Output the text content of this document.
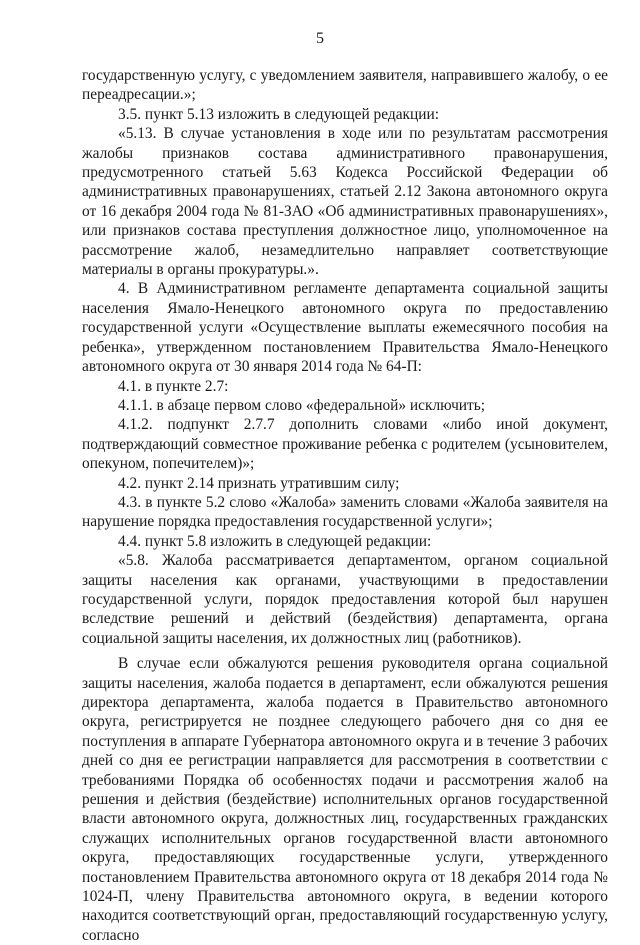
5

государственную услугу, с уведомлением заявителя, направившего жалобу, о ее переадресации.»;

3.5. пункт 5.13 изложить в следующей редакции:

«5.13. В случае установления в ходе или по результатам рассмотрения жалобы признаков состава административного правонарушения, предусмотренного статьей 5.63 Кодекса Российской Федерации об административных правонарушениях, статьей 2.12 Закона автономного округа от 16 декабря 2004 года № 81-ЗАО «Об административных правонарушениях», или признаков состава преступления должностное лицо, уполномоченное на рассмотрение жалоб, незамедлительно направляет соответствующие материалы в органы прокуратуры.».

4. В Административном регламенте департамента социальной защиты населения Ямало-Ненецкого автономного округа по предоставлению государственной услуги «Осуществление выплаты ежемесячного пособия на ребенка», утвержденном постановлением Правительства Ямало-Ненецкого автономного округа от 30 января 2014 года № 64-П:

4.1. в пункте 2.7:

4.1.1. в абзаце первом слово «федеральной» исключить;

4.1.2. подпункт 2.7.7 дополнить словами «либо иной документ, подтверждающий совместное проживание ребенка с родителем (усыновителем, опекуном, попечителем)»;

4.2. пункт 2.14 признать утратившим силу;

4.3. в пункте 5.2 слово «Жалоба» заменить словами «Жалоба заявителя на нарушение порядка предоставления государственной услуги»;

4.4. пункт 5.8 изложить в следующей редакции:

«5.8. Жалоба рассматривается департаментом, органом социальной защиты населения как органами, участвующими в предоставлении государственной услуги, порядок предоставления которой был нарушен вследствие решений и действий (бездействия) департамента, органа социальной защиты населения, их должностных лиц (работников).

В случае если обжалуются решения руководителя органа социальной защиты населения, жалоба подается в департамент, если обжалуются решения директора департамента, жалоба подается в Правительство автономного округа, регистрируется не позднее следующего рабочего дня со дня ее поступления в аппарате Губернатора автономного округа и в течение 3 рабочих дней со дня ее регистрации направляется для рассмотрения в соответствии с требованиями Порядка об особенностях подачи и рассмотрения жалоб на решения и действия (бездействие) исполнительных органов государственной власти автономного округа, должностных лиц, государственных гражданских служащих исполнительных органов государственной власти автономного округа, предоставляющих государственные услуги, утвержденного постановлением Правительства автономного округа от 18 декабря 2014 года № 1024-П, члену Правительства автономного округа, в ведении которого находится соответствующий орган, предоставляющий государственную услугу, согласно
